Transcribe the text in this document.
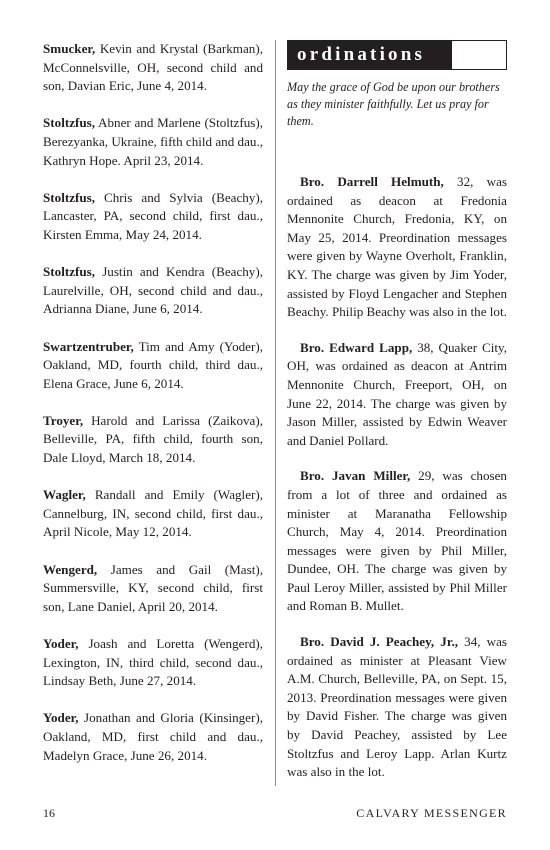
Smucker, Kevin and Krystal (Barkman), McConnelsville, OH, second child and son, Davian Eric, June 4, 2014.

Stoltzfus, Abner and Marlene (Stoltzfus), Berezyanka, Ukraine, fifth child and dau., Kathryn Hope. April 23, 2014.

Stoltzfus, Chris and Sylvia (Beachy), Lancaster, PA, second child, first dau., Kirsten Emma, May 24, 2014.

Stoltzfus, Justin and Kendra (Beachy), Laurelville, OH, second child and dau., Adrianna Diane, June 6, 2014.

Swartzentruber, Tim and Amy (Yoder), Oakland, MD, fourth child, third dau., Elena Grace, June 6, 2014.

Troyer, Harold and Larissa (Zaikova), Belleville, PA, fifth child, fourth son, Dale Lloyd, March 18, 2014.

Wagler, Randall and Emily (Wagler), Cannelburg, IN, second child, first dau., April Nicole, May 12, 2014.

Wengerd, James and Gail (Mast), Summersville, KY, second child, first son, Lane Daniel, April 20, 2014.

Yoder, Joash and Loretta (Wengerd), Lexington, IN, third child, second dau., Lindsay Beth, June 27, 2014.

Yoder, Jonathan and Gloria (Kinsinger), Oakland, MD, first child and dau., Madelyn Grace, June 26, 2014.

ordinations

May the grace of God be upon our brothers as they minister faithfully. Let us pray for them.

Bro. Darrell Helmuth, 32, was ordained as deacon at Fredonia Mennonite Church, Fredonia, KY, on May 25, 2014. Preordination messages were given by Wayne Overholt, Franklin, KY. The charge was given by Jim Yoder, assisted by Floyd Lengacher and Stephen Beachy. Philip Beachy was also in the lot.

Bro. Edward Lapp, 38, Quaker City, OH, was ordained as deacon at Antrim Mennonite Church, Freeport, OH, on June 22, 2014. The charge was given by Jason Miller, assisted by Edwin Weaver and Daniel Pollard.

Bro. Javan Miller, 29, was chosen from a lot of three and ordained as minister at Maranatha Fellowship Church, May 4, 2014. Preordination messages were given by Phil Miller, Dundee, OH. The charge was given by Paul Leroy Miller, assisted by Phil Miller and Roman B. Mullet.

Bro. David J. Peachey, Jr., 34, was ordained as minister at Pleasant View A.M. Church, Belleville, PA, on Sept. 15, 2013. Preordination messages were given by David Fisher. The charge was given by David Peachey, assisted by Lee Stoltzfus and Leroy Lapp. Arlan Kurtz was also in the lot.

16	CALVARY MESSENGER
